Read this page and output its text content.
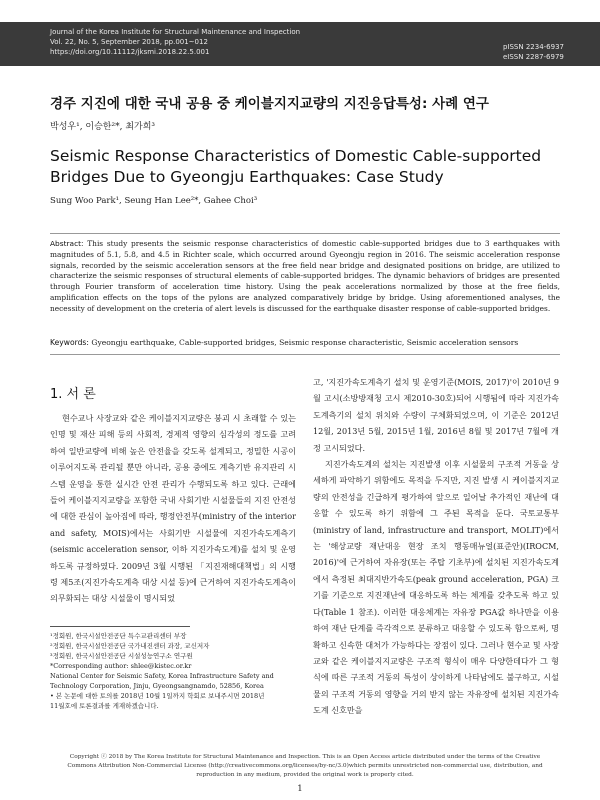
Journal of the Korea Institute for Structural Maintenance and Inspection
Vol. 22, No. 5, September 2018, pp.001~012
https://doi.org/10.11112/jksmi.2018.22.5.001
pISSN 2234-6937
eISSN 2287-6979
경주 지진에 대한 국내 공용 중 케이블지지교량의 지진응답특성: 사례 연구
박성우¹, 이승한²*, 최가희³
Seismic Response Characteristics of Domestic Cable-supported Bridges Due to Gyeongju Earthquakes: Case Study
Sung Woo Park¹, Seung Han Lee²*, Gahee Choi³
Abstract: This study presents the seismic response characteristics of domestic cable-supported bridges due to 3 earthquakes with magnitudes of 5.1, 5.8, and 4.5 in Richter scale, which occurred around Gyeongju region in 2016. The seismic acceleration response signals, recorded by the seismic acceleration sensors at the free field near bridge and designated positions on bridge, are utilized to characterize the seismic responses of structural elements of cable-supported bridges. The dynamic behaviors of bridges are presented through Fourier transform of acceleration time history. Using the peak accelerations normalized by those at the free fields, amplification effects on the tops of the pylons are analyzed comparatively bridge by bridge. Using aforementioned analyses, the necessity of development on the creteria of alert levels is discussed for the earthquake disaster response of cable-supported bridges.
Keywords: Gyeongju earthquake, Cable-supported bridges, Seismic response characteristic, Seismic acceleration sensors
1. 서 론

현수교나 사장교와 같은 케이블지지교량은 붕괴 시 초래할 수 있는 인명 및 재산 피해 등의 사회적, 경제적 영향의 심각성의 정도를 고려하여 일반교량에 비해 높은 안전율을 갖도록 설계되고, 정밀한 시공이 이루어지도록 관리될 뿐만 아니라, 공용 중에도 계측기반 유지관리 시스템 운영을 통한 실시간 안전 관리가 수행되도록 하고 있다. 근래에 들어 케이블지지교량을 포함한 국내 사회기반 시설물들의 지진 안전성에 대한 관심이 높아짐에 따라, 행정안전부(ministry of the interior and safety, MOIS)에서는 사회기반 시설물에 지진가속도계측기(seismic acceleration sensor, 이하 지진가속도계)를 설치 및 운영하도록 규정하였다. 2009년 3월 시행된 「지진재해대책법」의 시행령 제5조(지진가속도계측 대상 시설 등)에 근거하여 지진가속도계측이 의무화되는 대상 시설물이 명시되었

고, '지진가속도계측기 설치 및 운영기준(MOIS, 2017)'이 2010년 9월 고시(소방방재청 고시 제2010-30호)되어 시행됨에 따라 지진가속도계측기의 설치 위치와 수량이 구체화되었으며, 이 기준은 2012년 12월, 2013년 5월, 2015년 1월, 2016년 8월 및 2017년 7월에 개정 고시되었다.

지진가속도계의 설치는 지진발생 이후 시설물의 구조적 거동을 상세하게 파악하기 위함에도 목적을 두지만, 지진 발생 시 케이블지지교량의 안전성을 긴급하게 평가하여 앞으로 일어날 추가적인 재난에 대응할 수 있도록 하기 위함에 그 주된 목적을 둔다. 국토교통부(ministry of land, infrastructure and transport, MOLIT)에서는 '해상교량 재난대응 현장 조치 행동매뉴얼(표준안)(IROCM, 2016)'에 근거하여 자유장(또는 주탑 기초부)에 설치된 지진가속도계에서 측정된 최대지반가속도(peak ground acceleration, PGA) 크기를 기준으로 지진재난에 대응하도록 하는 체계를 갖추도록 하고 있다(Table 1 참조). 이러한 대응체계는 자유장 PGA값 하나만을 이용하여 재난 단계를 즉각적으로 분류하고 대응할 수 있도록 함으로써, 명확하고 신속한 대처가 가능하다는 장점이 있다. 그러나 현수교 및 사장교와 같은 케이블지지교량은 구조적 형식이 매우 다양한데다가 그 형식에 따른 구조적 거동의 특성이 상이하게 나타남에도 불구하고, 시설물의 구조적 거동의 영향을 거의 받지 않는 자유장에 설치된 지진가속도계 신호만을

¹정회원, 한국시설안전공단 특수교관리센터 부장
²정회원, 한국시설안전공단 국가내진센터 과장, 교신저자
³정회원, 한국시설안전공단 시설성능연구소 연구원
*Corresponding author: shlee@kistec.or.kr
National Center for Seismic Safety, Korea Infrastructure Safety and
Technology Corporation, Jinju, Gyeongsangnamdo, 52856, Korea
• 본 논문에 대한 토의를 2018년 10월 1일까지 학회로 보내주시면 2018년
11월호에 토론결과를 게재하겠습니다.
Copyright ⓒ 2018 by The Korea Institute for Structural Maintenance and Inspection. This is an Open Access article distributed under the terms of the Creative Commons Attribution Non-Commercial License (http://creativecommons.org/licenses/by-nc/3.0)which permits unrestricted non-commercial use, distribution, and reproduction in any medium, provided the original work is properly cited.
1
